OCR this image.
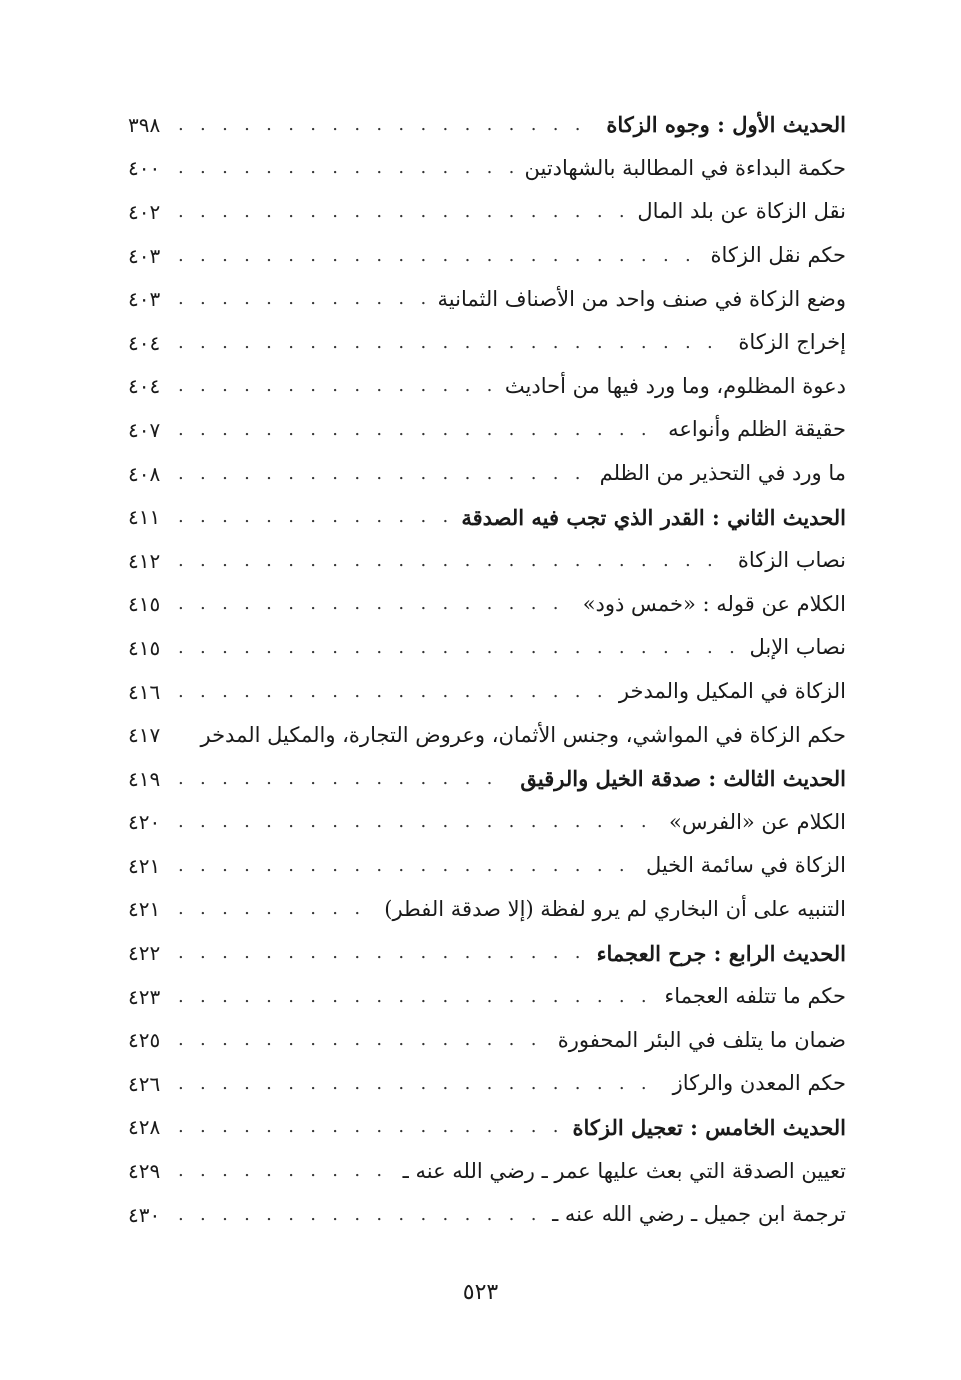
الحديث الأول : وجوه الزكاة
. . .
٣٩٨
حكمة البداءة في المطالبة بالشهادتين
. . .
٤٠٠
نقل الزكاة عن بلد المال
. . .
٤٠٢
حكم نقل الزكاة
. . .
٤٠٣
وضع الزكاة في صنف واحد من الأصناف الثمانية
. . .
٤٠٣
إخراج الزكاة
. . .
٤٠٤
دعوة المظلوم، وما ورد فيها من أحاديث
. . .
٤٠٤
حقيقة الظلم وأنواعه
. . .
٤٠٧
ما ورد في التحذير من الظلم
. . .
٤٠٨
الحديث الثاني : القدر الذي تجب فيه الصدقة
. . .
٤١١
نصاب الزكاة
. . .
٤١٢
الكلام عن قوله : «خمس ذود»
. . .
٤١٥
نصاب الإبل
. . .
٤١٥
الزكاة في المكيل والمدخر
. . .
٤١٦
حكم الزكاة في المواشي، وجنس الأثمان، وعروض التجارة، والمكيل المدخر
٤١٧
الحديث الثالث : صدقة الخيل والرقيق
. . .
٤١٩
الكلام عن «الفرس»
. . .
٤٢٠
الزكاة في سائمة الخيل
. . .
٤٢١
التنبيه على أن البخاري لم يرو لفظة (إلا صدقة الفطر)
. . .
٤٢١
الحديث الرابع : جرح العجماء
. . .
٤٢٢
حكم ما تتلفه العجماء
. . .
٤٢٣
ضمان ما يتلف في البئر المحفورة
. . .
٤٢٥
حكم المعدن والركاز
. . .
٤٢٦
الحديث الخامس : تعجيل الزكاة
. . .
٤٢٨
تعيين الصدقة التي بعث عليها عمر ـ رضي الله عنه ـ
. . .
٤٢٩
ترجمة ابن جميل ـ رضي الله عنه ـ
. . .
٤٣٠
٥٢٣
